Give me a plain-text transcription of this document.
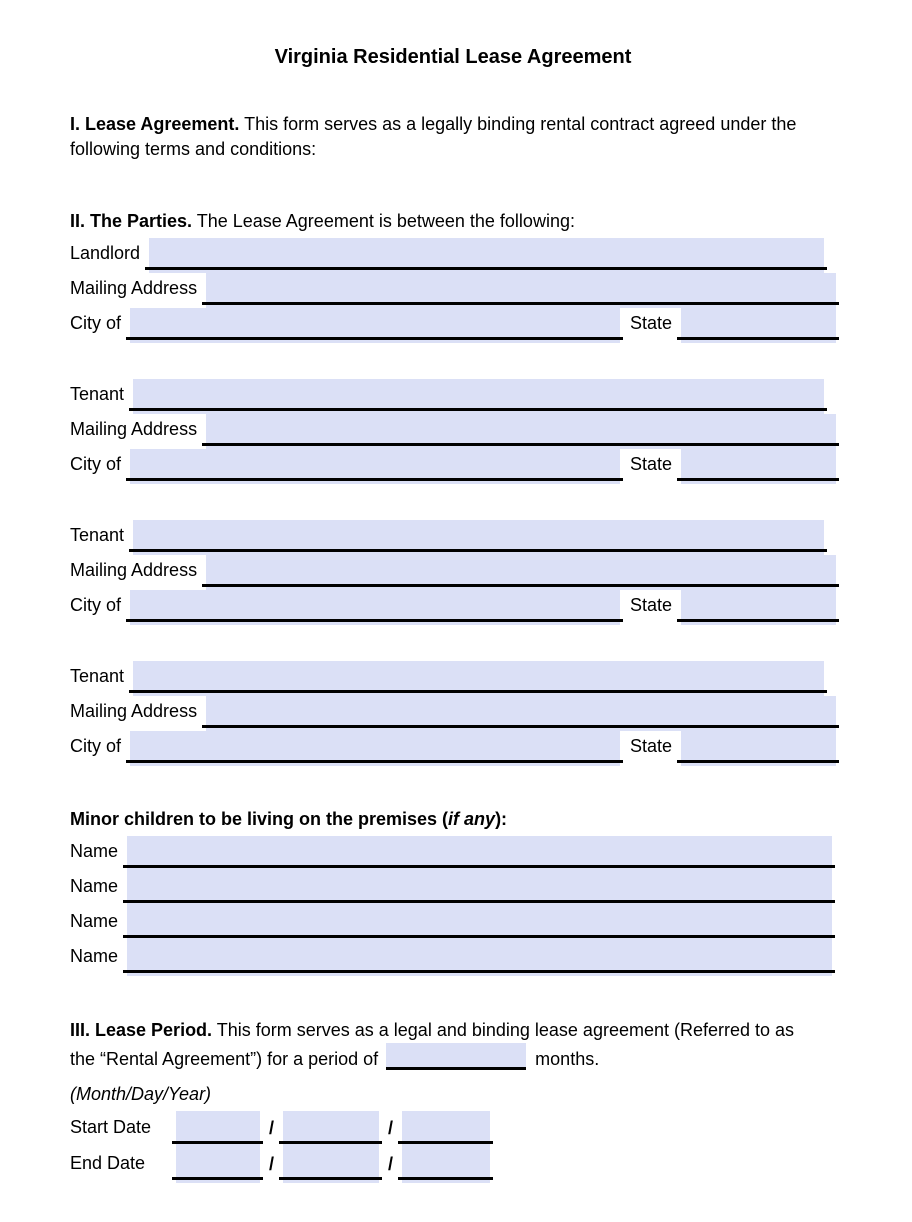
Virginia Residential Lease Agreement

I. Lease Agreement. This form serves as a legally binding rental contract agreed under the following terms and conditions:

II. The Parties. The Lease Agreement is between the following:

Landlord
Mailing Address
City of	State
Tenant
Mailing Address
City of	State
Tenant
Mailing Address
City of	State
Tenant
Mailing Address
City of	State

Minor children to be living on the premises (if any):

Name
Name
Name
Name

III. Lease Period. This form serves as a legal and binding lease agreement (Referred to as the “Rental Agreement”) for a period of	months.

(Month/Day/Year)

Start Date	/	/
End Date	/	/
